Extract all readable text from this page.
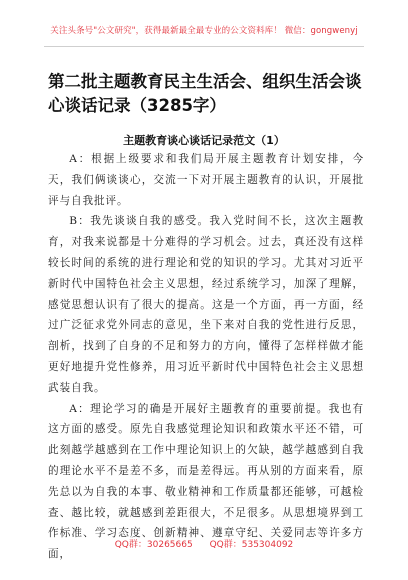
关注头条号"公文研究"，获得最新最全最专业的公文资料库！ 微信：gongwenyj
第二批主题教育民主生活会、组织生活会谈心谈话记录（3285字）
主题教育谈心谈话记录范文（1）

A：根据上级要求和我们局开展主题教育计划安排，今天，我们俩谈谈心，交流一下对开展主题教育的认识，开展批评与自我批评。

B：我先谈谈自我的感受。我入党时间不长，这次主题教育，对我来说都是十分难得的学习机会。过去，真还没有这样较长时间的系统的进行理论和党的知识的学习。尤其对习近平新时代中国特色社会主义思想，经过系统学习，加深了理解，感觉思想认识有了很大的提高。这是一个方面，再一方面，经过广泛征求党外同志的意见，坐下来对自我的党性进行反思，剖析，找到了自身的不足和努力的方向，懂得了怎样样做才能更好地提升党性修养，用习近平新时代中国特色社会主义思想武装自我。

A：理论学习的确是开展好主题教育的重要前提。我也有这方面的感受。原先自我感觉理论知识和政策水平还不错，可此刻越学越感到在工作中理论知识上的欠缺，越学越感到自我的理论水平不是差不多，而是差得远。再从别的方面来看，原先总以为自我的本事、敬业精神和工作质量都还能够，可越检查、越比较，就越感到差距很大，不足很多。从思想境界到工作标准、学习态度、创新精神、遵章守纪、关爱同志等许多方面，

QQ群：30265665 QQ群：535304092
